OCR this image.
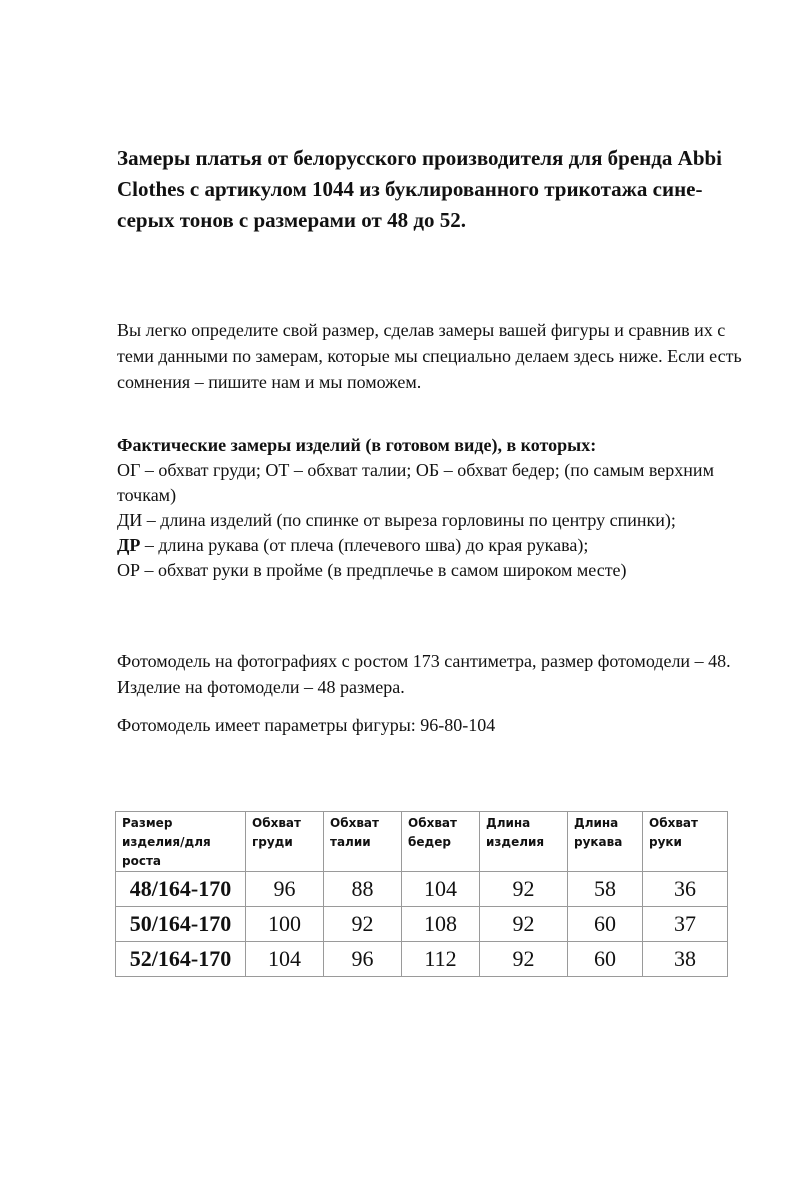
Замеры платья от белорусского производителя для бренда Abbi Clothes с артикулом 1044 из буклированного трикотажа сине-серых тонов с размерами от 48 до 52.

Вы легко определите свой размер, сделав замеры вашей фигуры и сравнив их с теми данными по замерам, которые мы специально делаем здесь ниже. Если есть сомнения – пишите нам и мы поможем.

Фактические замеры изделий (в готовом виде), в которых:
ОГ – обхват груди; ОТ – обхват талии; ОБ – обхват бедер; (по самым верхним точкам)
ДИ – длина изделий (по спинке от выреза горловины по центру спинки);
ДР – длина рукава (от плеча (плечевого шва) до края рукава);
ОР – обхват руки в пройме (в предплечье в самом широком месте)

Фотомодель на фотографиях с ростом 173 сантиметра, размер фотомодели – 48. Изделие на фотомодели – 48 размера.

Фотомодель имеет параметры фигуры: 96-80-104

Размер изделия/для роста	Обхват груди	Обхват талии	Обхват бедер	Длина изделия	Длина рукава	Обхват руки
48/164-170	96	88	104	92	58	36
50/164-170	100	92	108	92	60	37
52/164-170	104	96	112	92	60	38
